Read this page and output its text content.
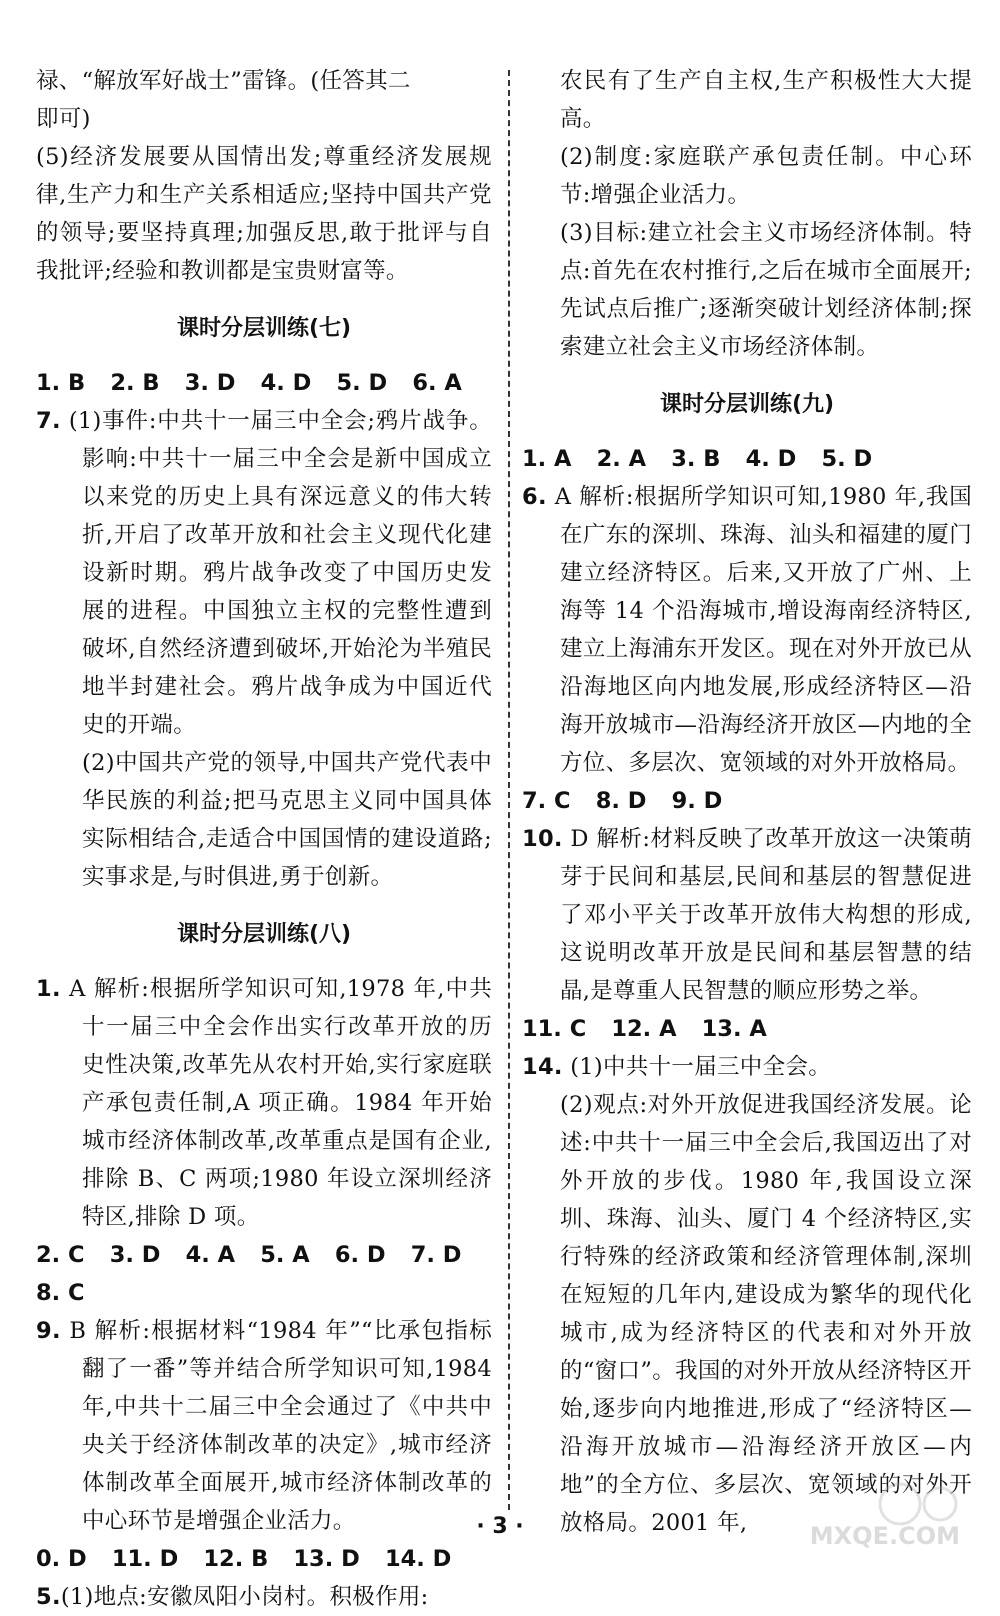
禄、“解放军好战士”雷锋。(任答其二

即可)

(5)经济发展要从国情出发;尊重经济发展规律,生产力和生产关系相适应;坚持中国共产党的领导;要坚持真理;加强反思,敢于批评与自我批评;经验和教训都是宝贵财富等。

课时分层训练(七)

1. B 2. B 3. D 4. D 5. D 6. A

7. (1)事件:中共十一届三中全会;鸦片战争。影响:中共十一届三中全会是新中国成立以来党的历史上具有深远意义的伟大转折,开启了改革开放和社会主义现代化建设新时期。鸦片战争改变了中国历史发展的进程。中国独立主权的完整性遭到破坏,自然经济遭到破坏,开始沦为半殖民地半封建社会。鸦片战争成为中国近代史的开端。

(2)中国共产党的领导,中国共产党代表中华民族的利益;把马克思主义同中国具体实际相结合,走适合中国国情的建设道路;实事求是,与时俱进,勇于创新。

课时分层训练(八)

1. A 解析:根据所学知识可知,1978 年,中共十一届三中全会作出实行改革开放的历史性决策,改革先从农村开始,实行家庭联产承包责任制,A 项正确。1984 年开始城市经济体制改革,改革重点是国有企业,排除 B、C 两项;1980 年设立深圳经济特区,排除 D 项。

2. C 3. D 4. A 5. A 6. D 7. D 8. C

9. B 解析:根据材料“1984 年”“比承包指标翻了一番”等并结合所学知识可知,1984 年,中共十二届三中全会通过了《中共中央关于经济体制改革的决定》,城市经济体制改革全面展开,城市经济体制改革的中心环节是增强企业活力。

0. D 11. D 12. B 13. D 14. D

5.(1)地点:安徽凤阳小岗村。积极作用:

农民有了生产自主权,生产积极性大大提高。

(2)制度:家庭联产承包责任制。中心环节:增强企业活力。

(3)目标:建立社会主义市场经济体制。特点:首先在农村推行,之后在城市全面展开;先试点后推广;逐渐突破计划经济体制;探索建立社会主义市场经济体制。

课时分层训练(九)

1. A 2. A 3. B 4. D 5. D

6. A 解析:根据所学知识可知,1980 年,我国在广东的深圳、珠海、汕头和福建的厦门建立经济特区。后来,又开放了广州、上海等 14 个沿海城市,增设海南经济特区,建立上海浦东开发区。现在对外开放已从沿海地区向内地发展,形成经济特区—沿海开放城市—沿海经济开放区—内地的全方位、多层次、宽领域的对外开放格局。

7. C 8. D 9. D

10. D 解析:材料反映了改革开放这一决策萌芽于民间和基层,民间和基层的智慧促进了邓小平关于改革开放伟大构想的形成,这说明改革开放是民间和基层智慧的结晶,是尊重人民智慧的顺应形势之举。

11. C 12. A 13. A

14. (1)中共十一届三中全会。

(2)观点:对外开放促进我国经济发展。论述:中共十一届三中全会后,我国迈出了对外开放的步伐。1980 年,我国设立深圳、珠海、汕头、厦门 4 个经济特区,实行特殊的经济政策和经济管理体制,深圳在短短的几年内,建设成为繁华的现代化城市,成为经济特区的代表和对外开放的“窗口”。我国的对外开放从经济特区开始,逐步向内地推进,形成了“经济特区—沿海开放城市—沿海经济开放区—内地”的全方位、多层次、宽领域的对外开放格局。2001 年,

· 3 ·	MXQE.COM
